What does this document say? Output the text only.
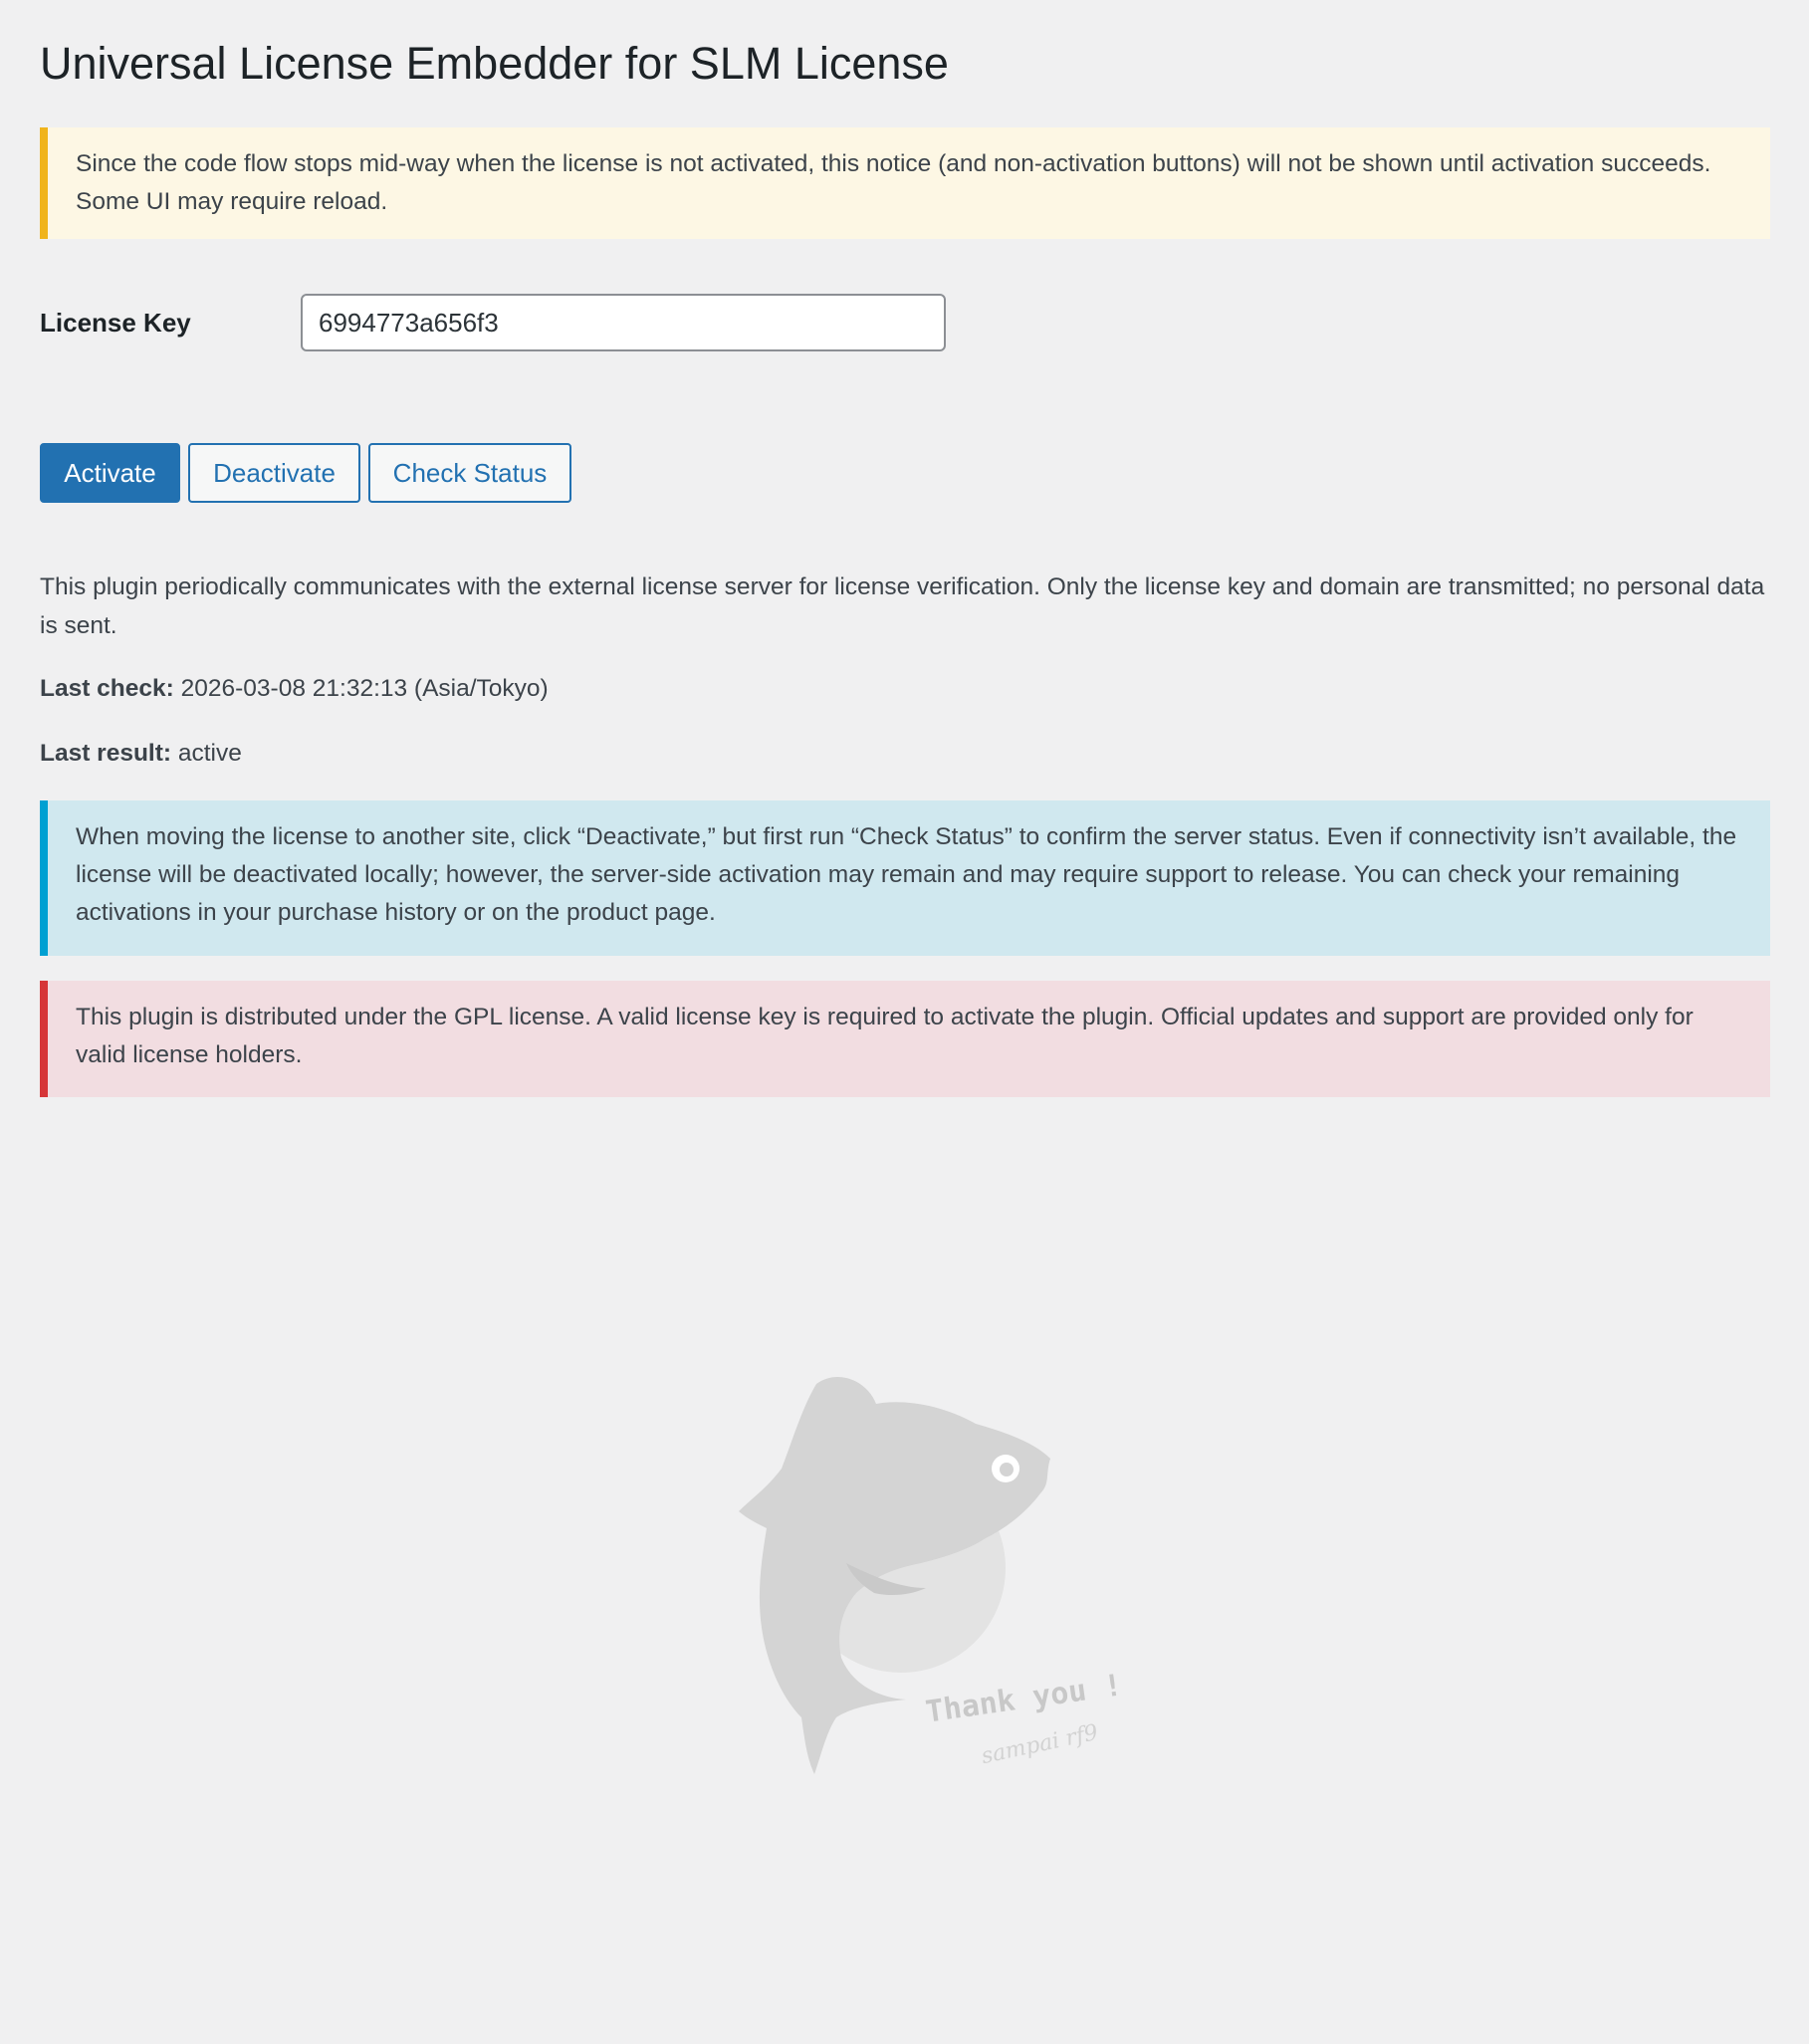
Universal License Embedder for SLM License
Since the code flow stops mid-way when the license is not activated, this notice (and non-activation buttons) will not be shown until activation succeeds. Some UI may require reload.
License Key
6994773a656f3
Activate	Deactivate	Check Status

This plugin periodically communicates with the external license server for license verification. Only the license key and domain are transmitted; no personal data is sent.

Last check: 2026-03-08 21:32:13 (Asia/Tokyo)

Last result: active

When moving the license to another site, click “Deactivate,” but first run “Check Status” to confirm the server status. Even if connectivity isn’t available, the license will be deactivated locally; however, the server-side activation may remain and may require support to release. You can check your remaining activations in your purchase history or on the product page.
This plugin is distributed under the GPL license. A valid license key is required to activate the plugin. Official updates and support are provided only for valid license holders.
Thank you !
sampai rf9
